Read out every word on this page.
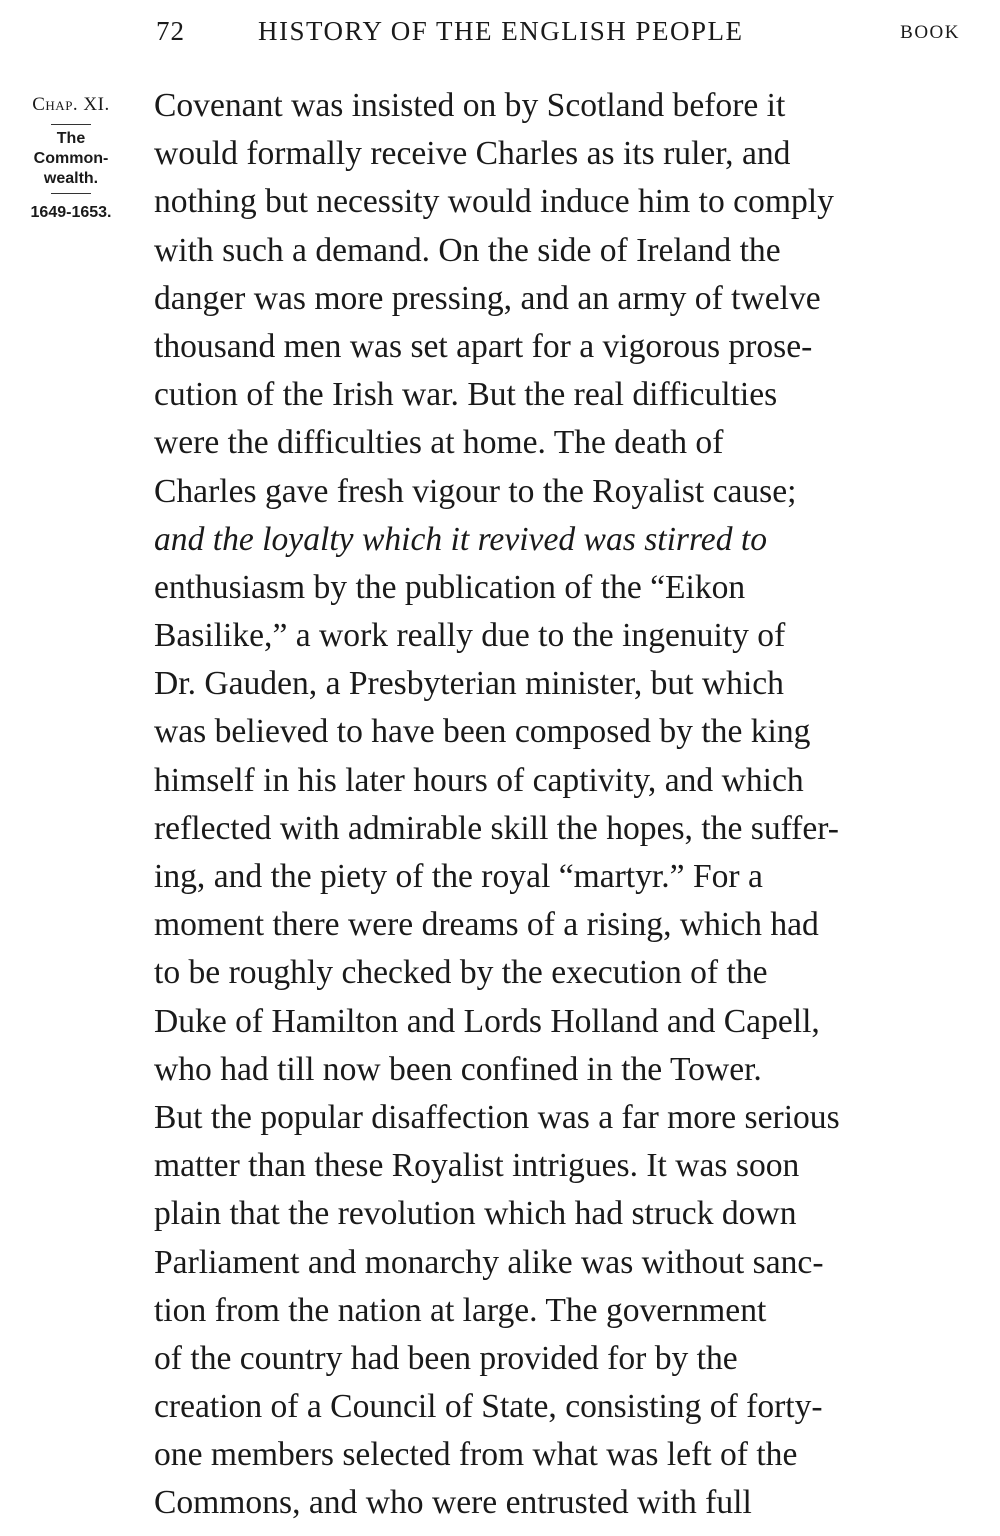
72	HISTORY OF THE ENGLISH PEOPLE	BOOK
Chap. XI.
The
Common-
wealth.
1649-1653.
Covenant was insisted on by Scotland before it
would formally receive Charles as its ruler, and
nothing but necessity would induce him to comply
with such a demand. On the side of Ireland the
danger was more pressing, and an army of twelve
thousand men was set apart for a vigorous prose-
cution of the Irish war. But the real difficulties
were the difficulties at home. The death of
Charles gave fresh vigour to the Royalist cause;
and the loyalty which it revived was stirred to
enthusiasm by the publication of the “Eikon
Basilike,” a work really due to the ingenuity of
Dr. Gauden, a Presbyterian minister, but which
was believed to have been composed by the king
himself in his later hours of captivity, and which
reflected with admirable skill the hopes, the suffer-
ing, and the piety of the royal “martyr.” For a
moment there were dreams of a rising, which had
to be roughly checked by the execution of the
Duke of Hamilton and Lords Holland and Capell,
who had till now been confined in the Tower.
But the popular disaffection was a far more serious
matter than these Royalist intrigues. It was soon
plain that the revolution which had struck down
Parliament and monarchy alike was without sanc-
tion from the nation at large. The government
of the country had been provided for by the
creation of a Council of State, consisting of forty-
one members selected from what was left of the
Commons, and who were entrusted with full
